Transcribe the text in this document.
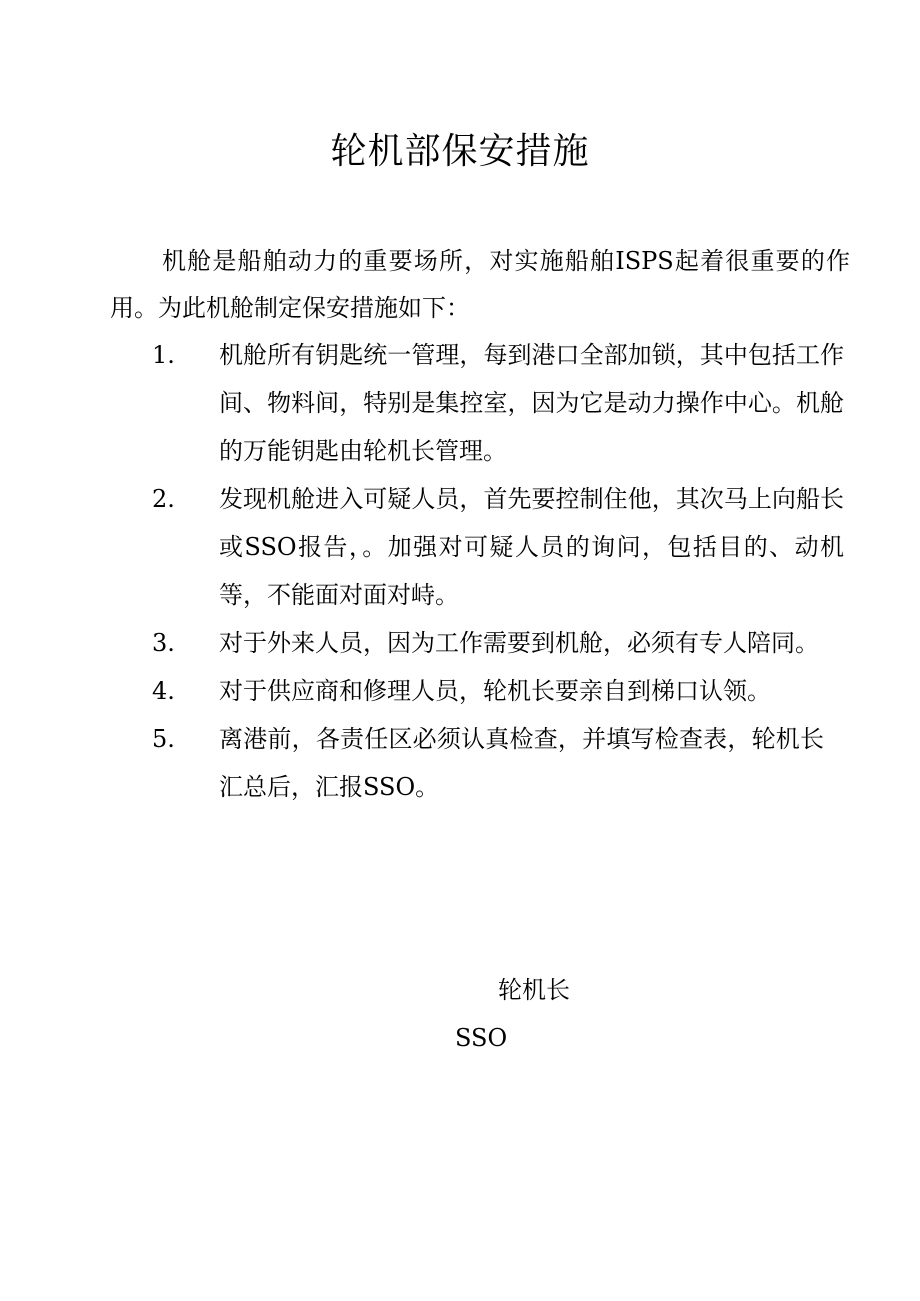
轮机部保安措施

机舱是船舶动力的重要场所，对实施船舶ISPS起着很重要的作用。为此机舱制定保安措施如下：

1.	机舱所有钥匙统一管理，每到港口全部加锁，其中包括工作间、物料间，特别是集控室，因为它是动力操作中心。机舱的万能钥匙由轮机长管理。
2.	发现机舱进入可疑人员，首先要控制住他，其次马上向船长或SSO报告，。加强对可疑人员的询问，包括目的、动机等，不能面对面对峙。
3.	对于外来人员，因为工作需要到机舱，必须有专人陪同。
4.	对于供应商和修理人员，轮机长要亲自到梯口认领。
5.	离港前，各责任区必须认真检查，并填写检查表，轮机长汇总后，汇报SSO。
轮机长
SSO
